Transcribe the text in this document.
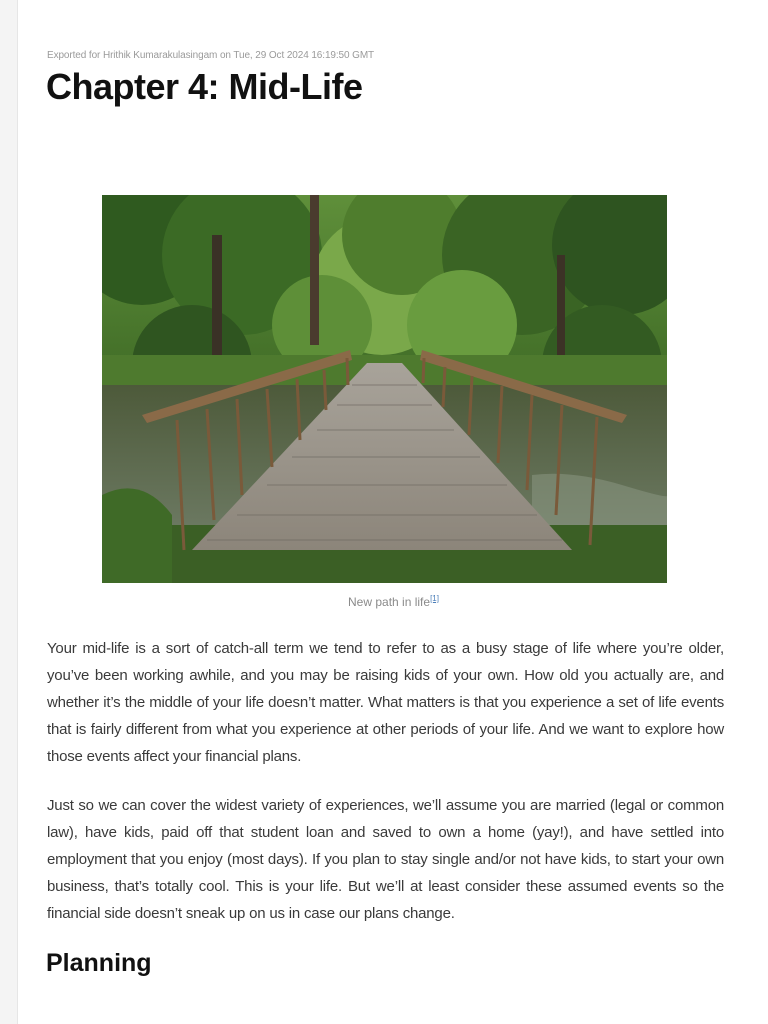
Exported for Hrithik Kumarakulasingam on Tue, 29 Oct 2024 16:19:50 GMT
Chapter 4: Mid-Life
New path in life[1]

Your mid-life is a sort of catch-all term we tend to refer to as a busy stage of life where you’re older, you’ve been working awhile, and you may be raising kids of your own. How old you actually are, and whether it’s the middle of your life doesn’t matter. What matters is that you experience a set of life events that is fairly different from what you experience at other periods of your life. And we want to explore how those events affect your financial plans.

Just so we can cover the widest variety of experiences, we’ll assume you are married (legal or common law), have kids, paid off that student loan and saved to own a home (yay!), and have settled into employment that you enjoy (most days). If you plan to stay single and/or not have kids, to start your own business, that’s totally cool. This is your life. But we’ll at least consider these assumed events so the financial side doesn’t sneak up on us in case our plans change.

Planning
